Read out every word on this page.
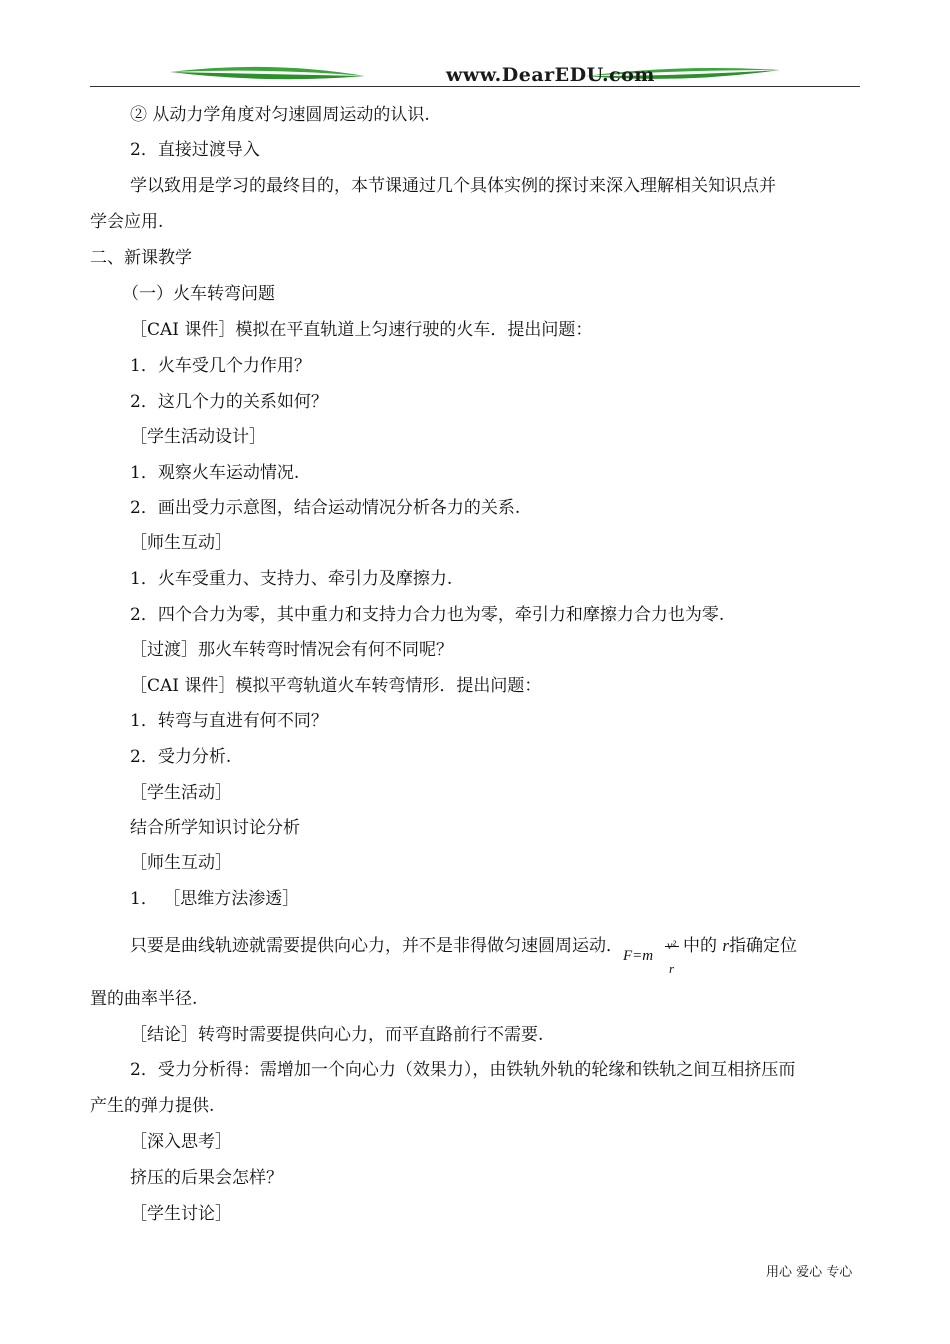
www.DearEDU.com
② 从动力学角度对匀速圆周运动的认识.
2．直接过渡导入
学以致用是学习的最终目的，本节课通过几个具体实例的探讨来深入理解相关知识点并
学会应用.
二、新课教学
（一）火车转弯问题
［CAI 课件］模拟在平直轨道上匀速行驶的火车．提出问题：
1．火车受几个力作用？
2．这几个力的关系如何？
［学生活动设计］
1．观察火车运动情况.
2．画出受力示意图，结合运动情况分析各力的关系.
［师生互动］
1．火车受重力、支持力、牵引力及摩擦力.
2．四个合力为零，其中重力和支持力合力也为零，牵引力和摩擦力合力也为零.
［过渡］那火车转弯时情况会有何不同呢？
［CAI 课件］模拟平弯轨道火车转弯情形．提出问题：
1．转弯与直进有何不同？
2．受力分析.
［学生活动］
结合所学知识讨论分析
［师生互动］
1． ［思维方法渗透］
只要是曲线轨迹就需要提供向心力，并不是非得做匀速圆周运动． F=m
v²
r
中的 r指确定位
置的曲率半径.
［结论］转弯时需要提供向心力，而平直路前行不需要.
2．受力分析得：需增加一个向心力（效果力），由铁轨外轨的轮缘和铁轨之间互相挤压而
产生的弹力提供.
［深入思考］
挤压的后果会怎样？
［学生讨论］
用心 爱心 专心
